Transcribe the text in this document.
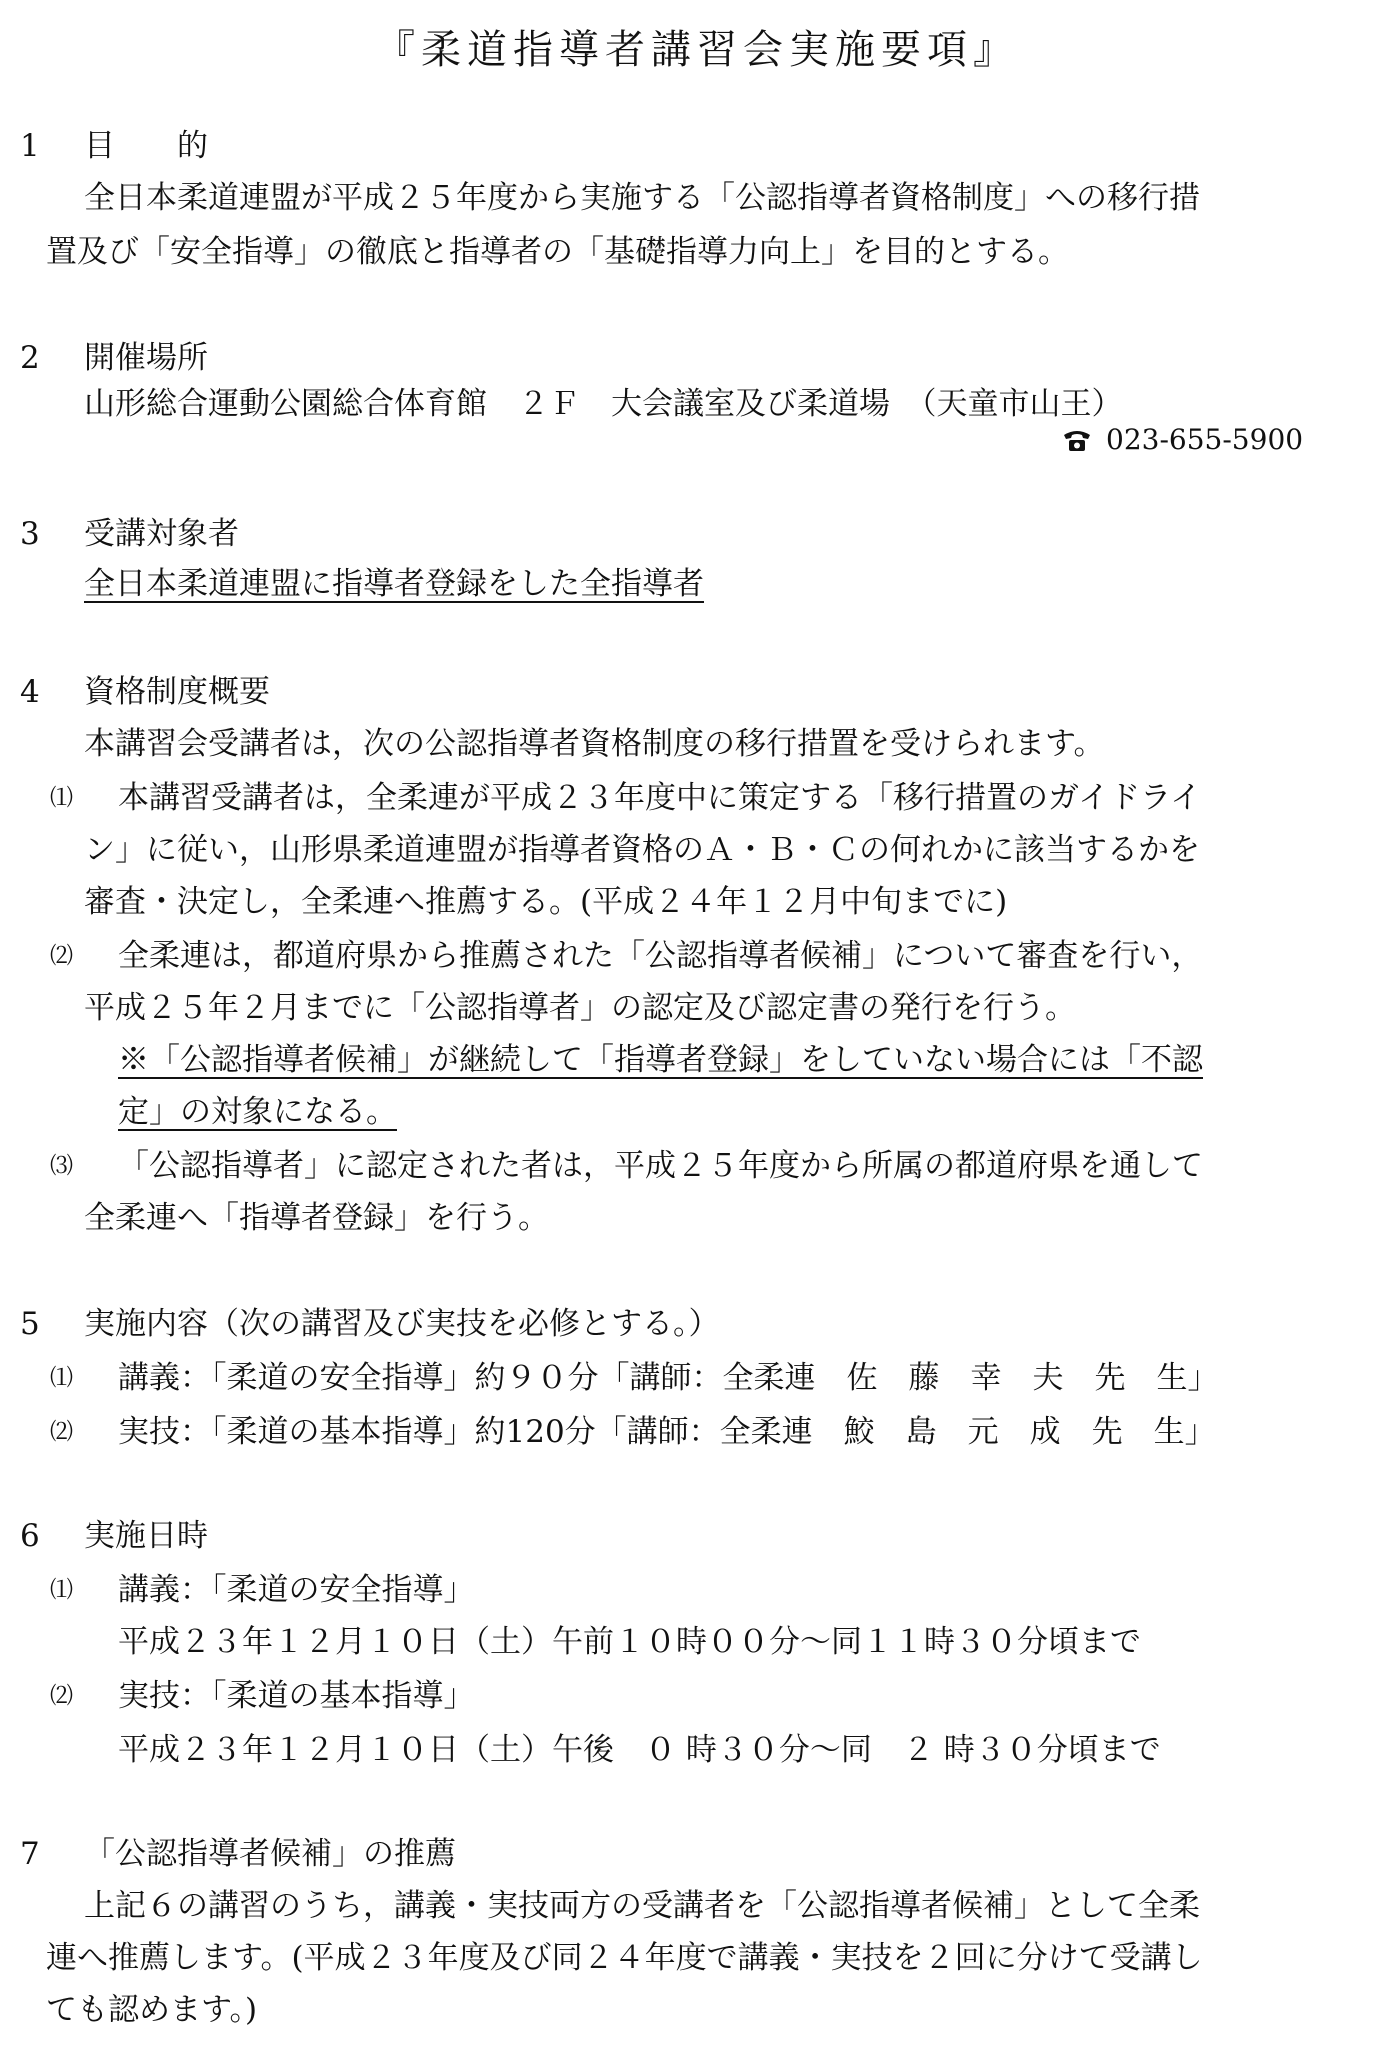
『柔道指導者講習会実施要項』
1 目　　的
全日本柔道連盟が平成２５年度から実施する「公認指導者資格制度」への移行措
置及び「安全指導」の徹底と指導者の「基礎指導力向上」を目的とする。
2 開催場所
山形総合運動公園総合体育館　２Ｆ　大会議室及び柔道場　（天童市山王）
023-655-5900
3 受講対象者
全日本柔道連盟に指導者登録をした全指導者
4 資格制度概要
本講習会受講者は，次の公認指導者資格制度の移行措置を受けられます。
⑴ 本講習受講者は，全柔連が平成２３年度中に策定する「移行措置のガイドライ
ン」に従い，山形県柔道連盟が指導者資格のＡ・Ｂ・Ｃの何れかに該当するかを
審査・決定し，全柔連へ推薦する。(平成２４年１２月中旬までに)
⑵ 全柔連は，都道府県から推薦された「公認指導者候補」について審査を行い，
平成２５年２月までに「公認指導者」の認定及び認定書の発行を行う。
※「公認指導者候補」が継続して「指導者登録」をしていない場合には「不認
定」の対象になる。
⑶ 「公認指導者」に認定された者は，平成２５年度から所属の都道府県を通して
全柔連へ「指導者登録」を行う。
5 実施内容（次の講習及び実技を必修とする。）
⑴ 講義：「柔道の安全指導」約９０分「講師：全柔連　佐　藤　幸　夫　先　生」
⑵ 実技：「柔道の基本指導」約120分「講師：全柔連　鮫　島　元　成　先　生」
6 実施日時
⑴ 講義：「柔道の安全指導」
平成２３年１２月１０日（土）午前１０時００分～同１１時３０分頃まで
⑵ 実技：「柔道の基本指導」
平成２３年１２月１０日（土）午後　０ 時３０分～同　２ 時３０分頃まで
7 「公認指導者候補」の推薦
上記６の講習のうち，講義・実技両方の受講者を「公認指導者候補」として全柔
連へ推薦します。(平成２３年度及び同２４年度で講義・実技を２回に分けて受講し
ても認めます。)
